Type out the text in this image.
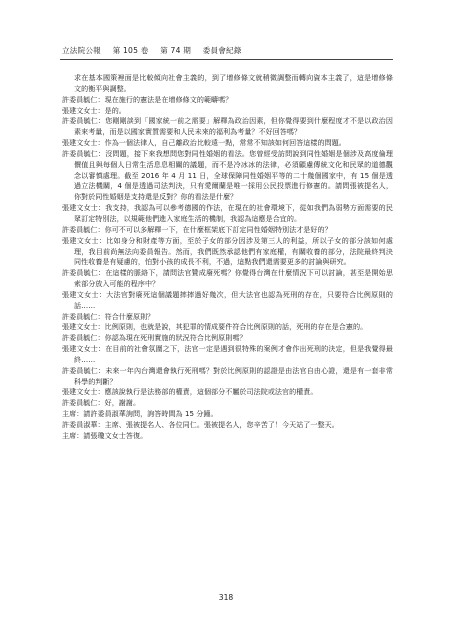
立法院公報 第 105 卷 第 74 期 委員會紀錄

求在基本國策裡面是比較傾向社會主義的，到了增修條文就稍微調整而轉向資本主義了，這是增修條文的衡平與調整。

許委員毓仁：現在施行的憲法是在增修條文的範疇嗎？

張建文女士：是的。

許委員毓仁：您剛剛談到「國家統一前之需要」解釋為政治因素，但你覺得要到什麼程度才不是以政治因素來考量，而是以國家實質需要和人民未來的福利為考量？不好回答嗎？

張建文女士：作為一個法律人，自己離政治比較遠一點，常常不知該如何回答這樣的問題。

許委員毓仁：沒問題，接下來我想問您對同性婚姻的看法。您曾經受訪問說到同性婚姻是個涉及高度倫理價值且與每個人日常生活息息相關的議題，而不是冷冰冰的法律，必須顧慮傳統文化和民眾的道德觀念以審慎處理。截至 2016 年 4 月 11 日，全球保障同性婚姻平等的二十幾個國家中，有 15 個是透過立法機關，4 個是透過司法判決，只有愛爾蘭是唯一採用公民投票進行修憲的。請問張被提名人，你對於同性婚姻是支持還是反對？你的看法是什麼？

張建文女士：我支持，我認為可以參考德國的作法，在現在的社會環境下，從如我們為弱勢方面需要的民眾訂定特別法，以規範他們進入家庭生活的機制，我認為這應是合宜的。

許委員毓仁：你可不可以多解釋一下，在什麼框架底下訂定同性婚姻特別法才是好的？

張建文女士：比如身分和財產等方面，至於子女的部分因涉及第三人的利益，所以子女的部分該如何處理，我目前尚無法向委員報告。然而，我們既然承認他們有家庭權，有關收養的部分，法院最終判決同性收養是有疑慮的，怕對小孩的成長不利，不過，這點我們還需要更多的討論與研究。

許委員毓仁：在這樣的脈絡下，請問法官贊成廢死嗎？你覺得台灣在什麼情況下可以討論，甚至是開始思索部分放入可能的程序中？

張建文女士：大法官對廢死這個議題摔摔過好幾次，但大法官也認為死刑的存在，只要符合比例原則的話……

許委員毓仁：符合什麼原則？

張建文女士：比例原則，也就是說，其犯罪的情成要件符合比例原則的話，死刑的存在是合憲的。

許委員毓仁：你認為現在死刑實施的狀況符合比例原則嗎？

張建文女士：在目前的社會氛圍之下，法官一定是遇到很特殊的案例才會作出死刑的決定，但是我覺得最終……

許委員毓仁：未來一年內台灣還會執行死刑嗎？對於比例原則的認證是由法官自由心證，還是有一套非常科學的判斷？

張建文女士：應該說執行是法務部的權責，這個部分不屬於司法院或法官的權責。

許委員毓仁：好，謝謝。

主席：請許委員淑華詢問，詢答時間為 15 分鐘。

許委員淑華：主席、張被提名人、各位同仁。張被提名人，您辛苦了！今天站了一整天。

主席：請張瓊文女士答復。

318
